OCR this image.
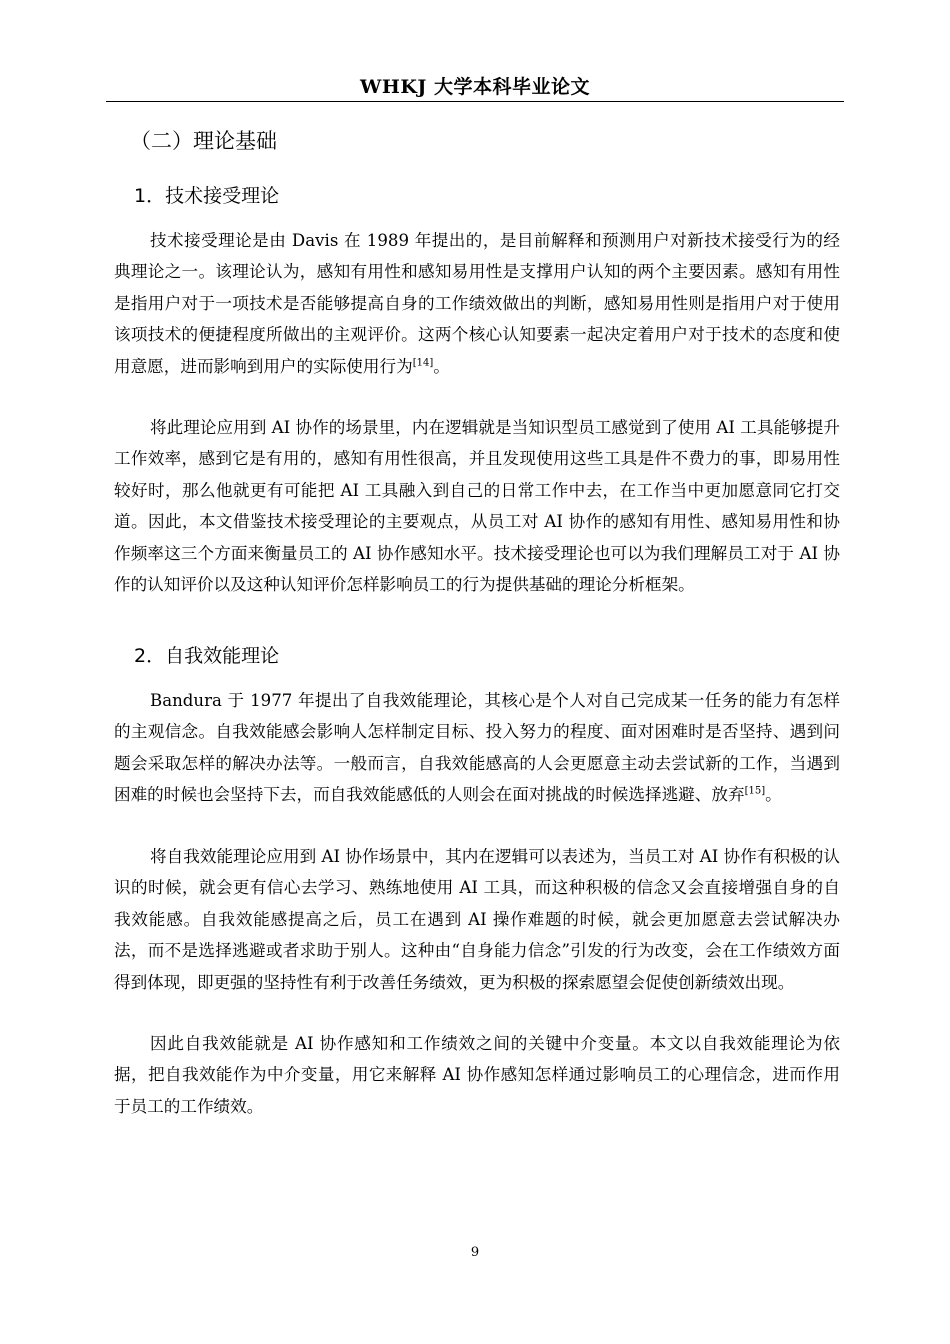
WHKJ 大学本科毕业论文
（二）理论基础
1．技术接受理论

技术接受理论是由 Davis 在 1989 年提出的，是目前解释和预测用户对新技术接受行为的经典理论之一。该理论认为，感知有用性和感知易用性是支撑用户认知的两个主要因素。感知有用性是指用户对于一项技术是否能够提高自身的工作绩效做出的判断，感知易用性则是指用户对于使用该项技术的便捷程度所做出的主观评价。这两个核心认知要素一起决定着用户对于技术的态度和使用意愿，进而影响到用户的实际使用行为[14]。

将此理论应用到 AI 协作的场景里，内在逻辑就是当知识型员工感觉到了使用 AI 工具能够提升工作效率，感到它是有用的，感知有用性很高，并且发现使用这些工具是件不费力的事，即易用性较好时，那么他就更有可能把 AI 工具融入到自己的日常工作中去，在工作当中更加愿意同它打交道。因此，本文借鉴技术接受理论的主要观点，从员工对 AI 协作的感知有用性、感知易用性和协作频率这三个方面来衡量员工的 AI 协作感知水平。技术接受理论也可以为我们理解员工对于 AI 协作的认知评价以及这种认知评价怎样影响员工的行为提供基础的理论分析框架。

2．自我效能理论

Bandura 于 1977 年提出了自我效能理论，其核心是个人对自己完成某一任务的能力有怎样的主观信念。自我效能感会影响人怎样制定目标、投入努力的程度、面对困难时是否坚持、遇到问题会采取怎样的解决办法等。一般而言，自我效能感高的人会更愿意主动去尝试新的工作，当遇到困难的时候也会坚持下去，而自我效能感低的人则会在面对挑战的时候选择逃避、放弃[15]。

将自我效能理论应用到 AI 协作场景中，其内在逻辑可以表述为，当员工对 AI 协作有积极的认识的时候，就会更有信心去学习、熟练地使用 AI 工具，而这种积极的信念又会直接增强自身的自我效能感。自我效能感提高之后，员工在遇到 AI 操作难题的时候，就会更加愿意去尝试解决办法，而不是选择逃避或者求助于别人。这种由“自身能力信念”引发的行为改变，会在工作绩效方面得到体现，即更强的坚持性有利于改善任务绩效，更为积极的探索愿望会促使创新绩效出现。

因此自我效能就是 AI 协作感知和工作绩效之间的关键中介变量。本文以自我效能理论为依据，把自我效能作为中介变量，用它来解释 AI 协作感知怎样通过影响员工的心理信念，进而作用于员工的工作绩效。

9
